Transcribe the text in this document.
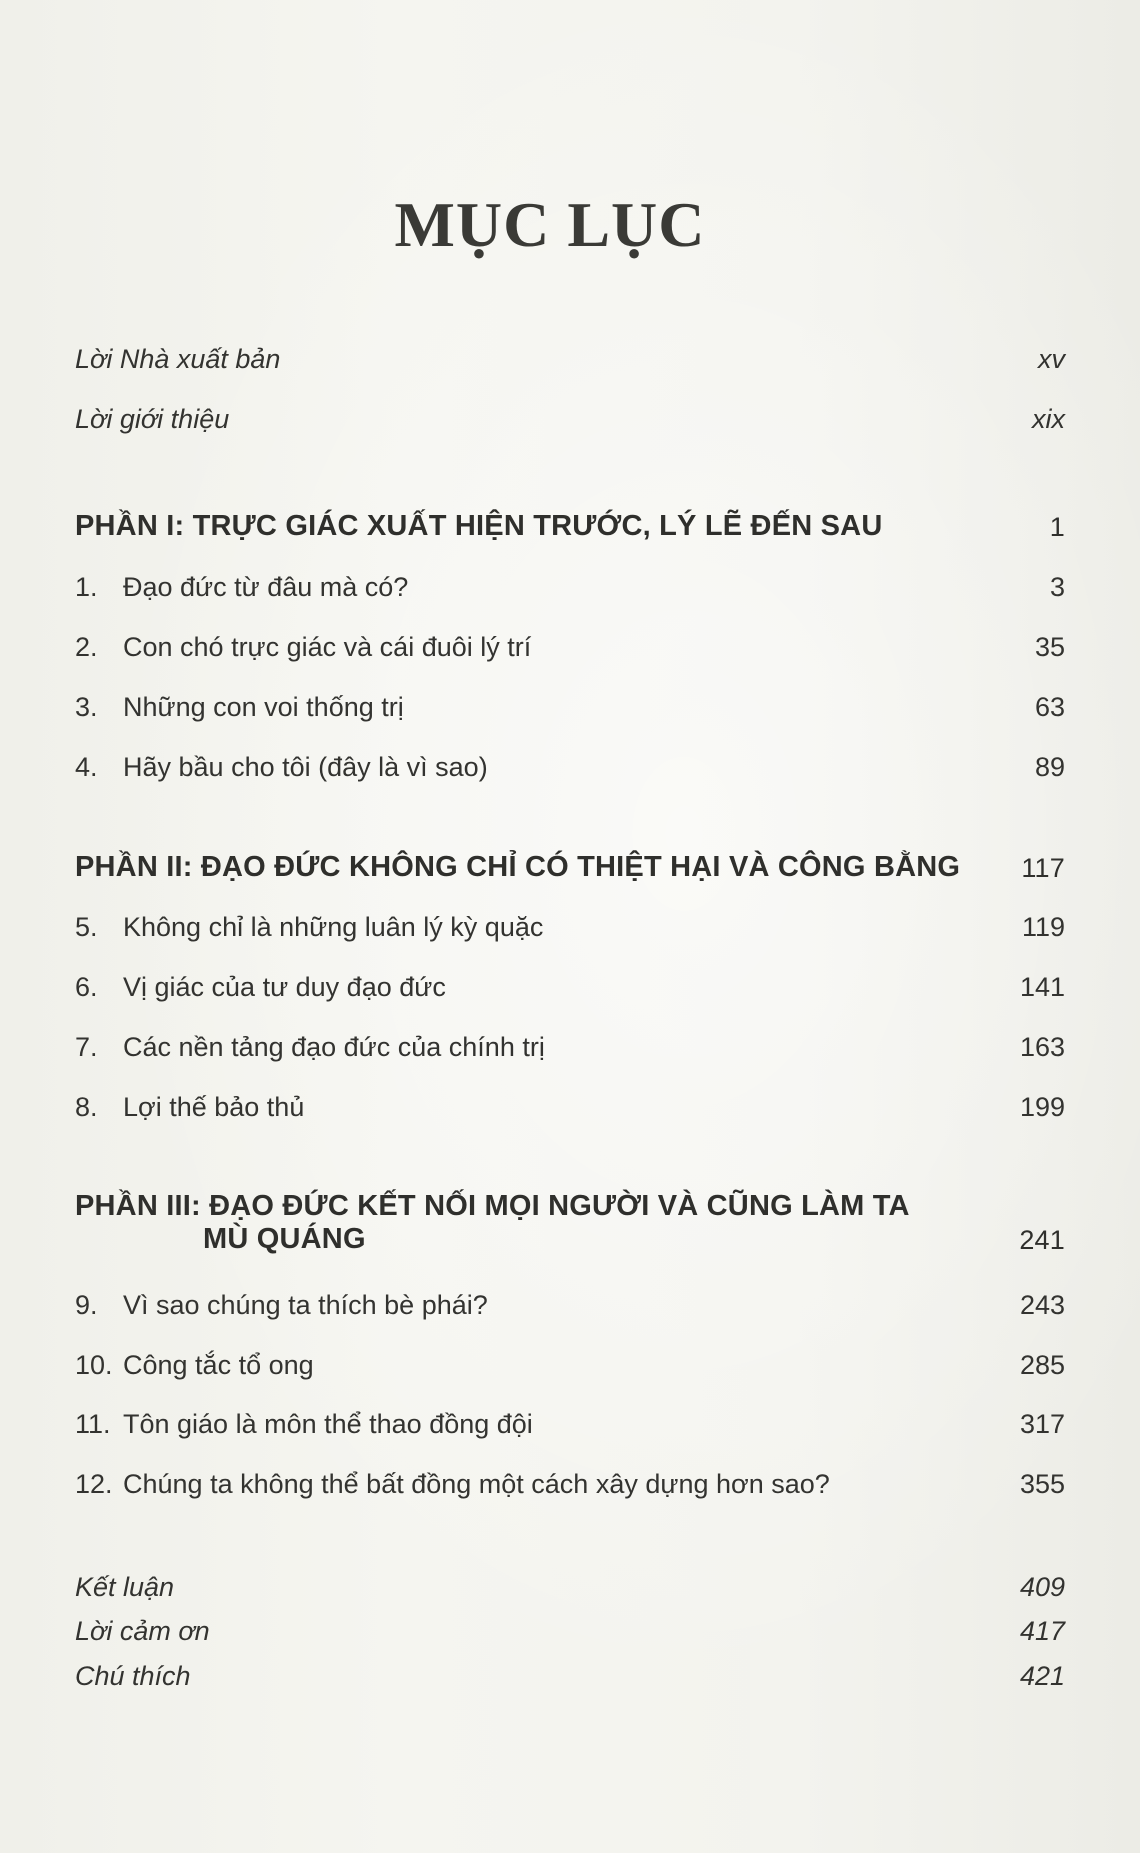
MỤC LỤC
Lời Nhà xuất bản	xv
Lời giới thiệu	xix
PHẦN I: TRỰC GIÁC XUẤT HIỆN TRƯỚC, LÝ LẼ ĐẾN SAU	1
1. Đạo đức từ đâu mà có?	3
2. Con chó trực giác và cái đuôi lý trí	35
3. Những con voi thống trị	63
4. Hãy bầu cho tôi (đây là vì sao)	89
PHẦN II: ĐẠO ĐỨC KHÔNG CHỈ CÓ THIỆT HẠI VÀ CÔNG BẰNG 117
5. Không chỉ là những luân lý kỳ quặc	119
6. Vị giác của tư duy đạo đức	141
7. Các nền tảng đạo đức của chính trị	163
8. Lợi thế bảo thủ	199
PHẦN III: ĐẠO ĐỨC KẾT NỐI MỌI NGƯỜI VÀ CŨNG LÀM TA
MÙ QUÁNG	241
9. Vì sao chúng ta thích bè phái?	243
10. Công tắc tổ ong	285
11. Tôn giáo là môn thể thao đồng đội	317
12. Chúng ta không thể bất đồng một cách xây dựng hơn sao?	355
Kết luận	409
Lời cảm ơn	417
Chú thích	421
